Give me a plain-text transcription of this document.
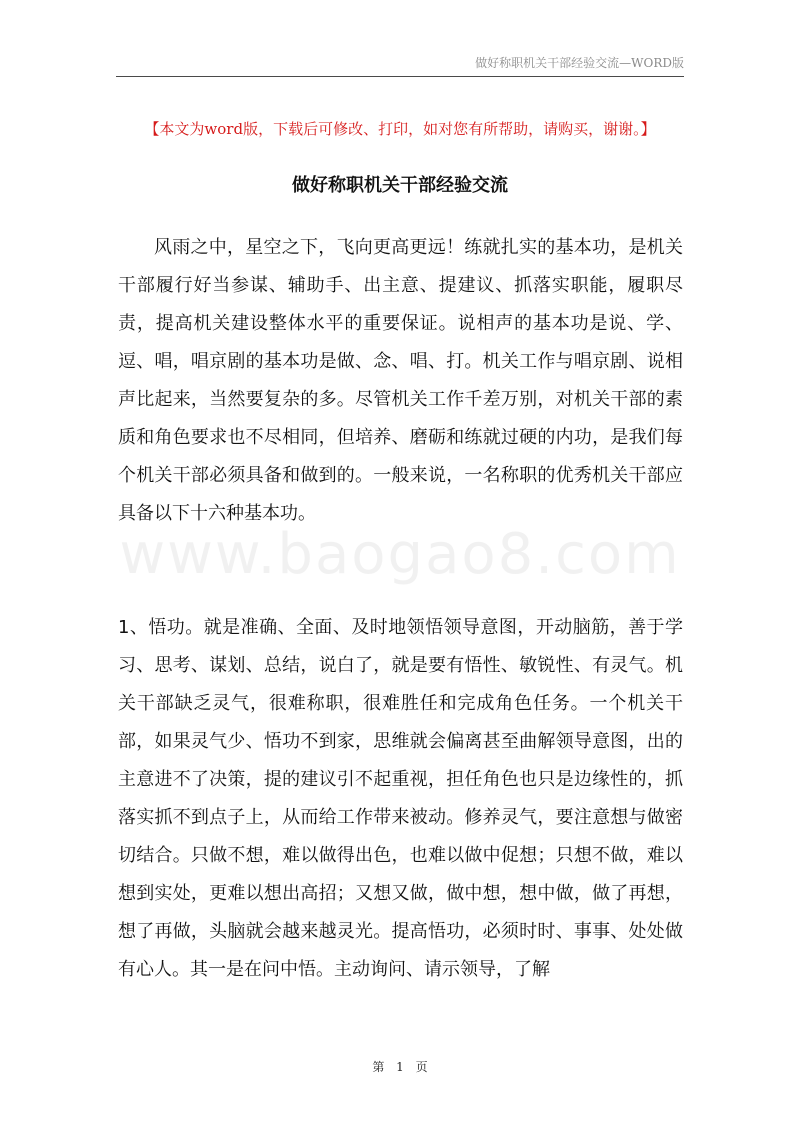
做好称职机关干部经验交流—WORD版
【本文为word版，下载后可修改、打印，如对您有所帮助，请购买，谢谢。】
做好称职机关干部经验交流
风雨之中，星空之下，飞向更高更远！练就扎实的基本功，是机关干部履行好当参谋、辅助手、出主意、提建议、抓落实职能，履职尽责，提高机关建设整体水平的重要保证。说相声的基本功是说、学、逗、唱，唱京剧的基本功是做、念、唱、打。机关工作与唱京剧、说相声比起来，当然要复杂的多。尽管机关工作千差万别，对机关干部的素质和角色要求也不尽相同，但培养、磨砺和练就过硬的内功，是我们每个机关干部必须具备和做到的。一般来说，一名称职的优秀机关干部应具备以下十六种基本功。
1、悟功。就是准确、全面、及时地领悟领导意图，开动脑筋，善于学习、思考、谋划、总结，说白了，就是要有悟性、敏锐性、有灵气。机关干部缺乏灵气，很难称职，很难胜任和完成角色任务。一个机关干部，如果灵气少、悟功不到家，思维就会偏离甚至曲解领导意图，出的主意进不了决策，提的建议引不起重视，担任角色也只是边缘性的，抓落实抓不到点子上，从而给工作带来被动。修养灵气，要注意想与做密切结合。只做不想，难以做得出色，也难以做中促想；只想不做，难以想到实处，更难以想出高招；又想又做，做中想，想中做，做了再想，想了再做，头脑就会越来越灵光。提高悟功，必须时时、事事、处处做有心人。其一是在问中悟。主动询问、请示领导，了解
www.baogao8.com
第 1 页
